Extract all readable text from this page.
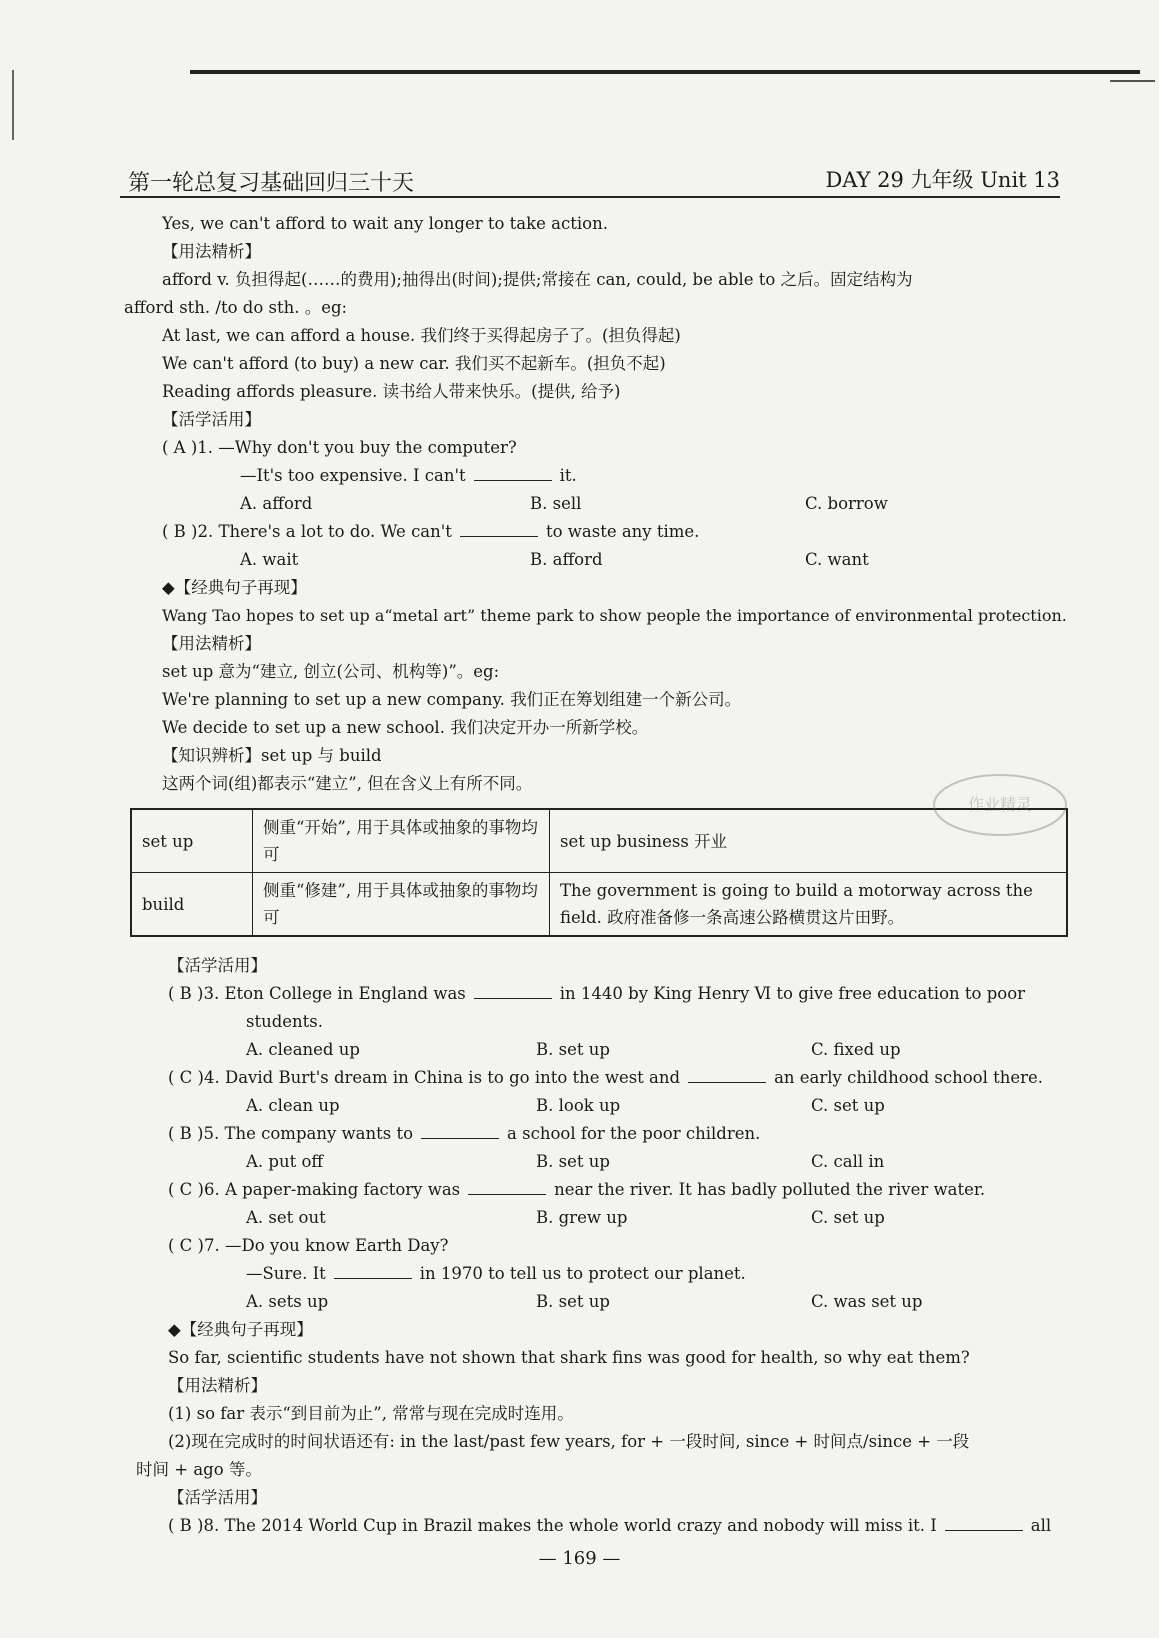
第一轮总复习基础回归三十天	DAY 29 九年级 Unit 13
Yes, we can't afford to wait any longer to take action.
【用法精析】
afford v. 负担得起(……的费用);抽得出(时间);提供;常接在 can, could, be able to 之后。固定结构为
afford sth. /to do sth. 。eg:
At last, we can afford a house. 我们终于买得起房子了。(担负得起)
We can't afford (to buy) a new car. 我们买不起新车。(担负不起)
Reading affords pleasure. 读书给人带来快乐。(提供, 给予)
【活学活用】
( A )1. —Why don't you buy the computer?
—It's too expensive. I can't	it.
A. afford	B. sell	C. borrow
( B )2. There's a lot to do. We can't	to waste any time.
A. wait	B. afford	C. want
◆【经典句子再现】
Wang Tao hopes to set up a“metal art” theme park to show people the importance of environmental protection.
【用法精析】
set up 意为“建立, 创立(公司、机构等)”。eg:
We're planning to set up a new company. 我们正在筹划组建一个新公司。
We decide to set up a new school. 我们决定开办一所新学校。
【知识辨析】set up 与 build
这两个词(组)都表示“建立”, 但在含义上有所不同。
set up	侧重“开始”, 用于具体或抽象的事物均可	set up business 开业
build	侧重“修建”, 用于具体或抽象的事物均可	The government is going to build a motorway across the field. 政府准备修一条高速公路横贯这片田野。
【活学活用】
( B )3. Eton College in England was	in 1440 by King Henry Ⅵ to give free education to poor
students.
A. cleaned up	B. set up	C. fixed up
( C )4. David Burt's dream in China is to go into the west and	an early childhood school there.
A. clean up	B. look up	C. set up
( B )5. The company wants to	a school for the poor children.
A. put off	B. set up	C. call in
( C )6. A paper-making factory was	near the river. It has badly polluted the river water.
A. set out	B. grew up	C. set up
( C )7. —Do you know Earth Day?
—Sure. It	in 1970 to tell us to protect our planet.
A. sets up	B. set up	C. was set up
◆【经典句子再现】
So far, scientific students have not shown that shark fins was good for health, so why eat them?
【用法精析】
(1) so far 表示“到目前为止”, 常常与现在完成时连用。
(2)现在完成时的时间状语还有: in the last/past few years, for + 一段时间, since + 时间点/since + 一段
时间 + ago 等。
【活学活用】
( B )8. The 2014 World Cup in Brazil makes the whole world crazy and nobody will miss it. I	all
作业精灵
— 169 —
